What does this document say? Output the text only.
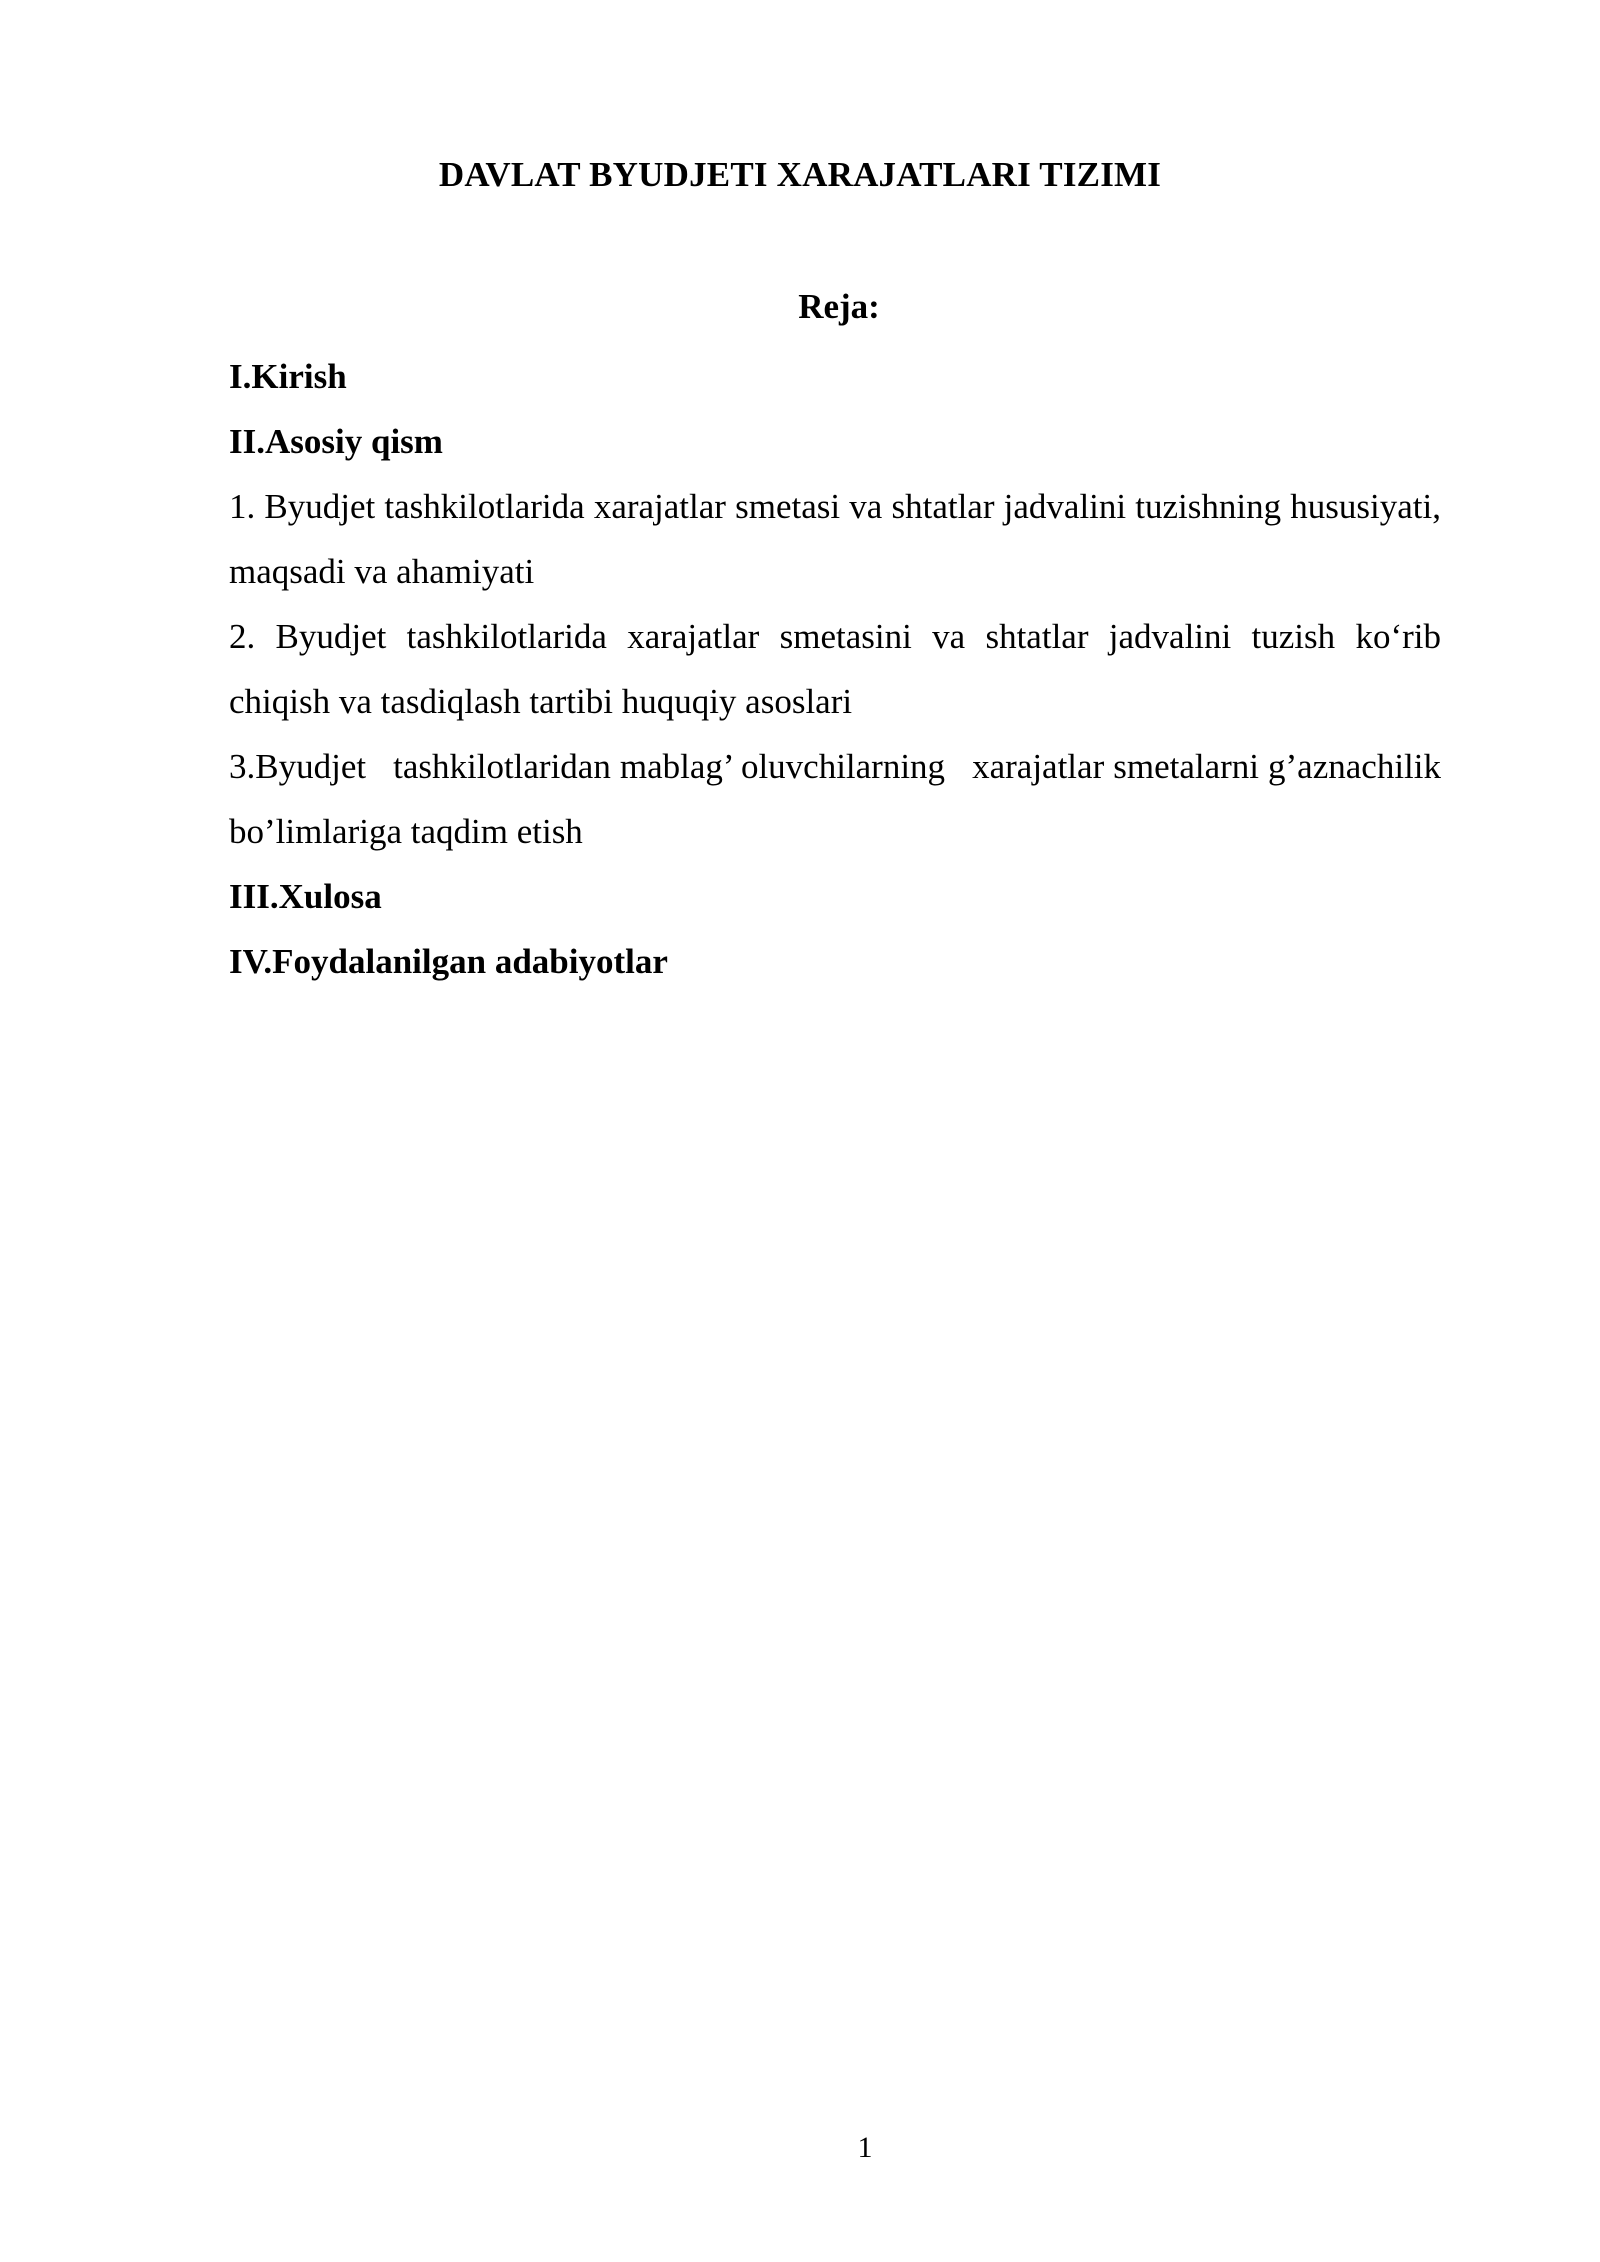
DAVLAT BYUDJETI XARAJATLARI TIZIMI
Reja:
I.Kirish
II.Asosiy qism
1. Byudjet tashkilotlarida xarajatlar smetasi va shtatlar jadvalini tuzishning hususiyati, maqsadi va ahamiyati
2. Byudjet tashkilotlarida xarajatlar smetasini va shtatlar jadvalini tuzish ko‘rib chiqish va tasdiqlash tartibi huquqiy asoslari
3.Byudjet   tashkilotlaridan mablag’ oluvchilarning   xarajatlar smetalarni g’aznachilik  bo’limlariga taqdim etish
III.Xulosa
IV.Foydalanilgan adabiyotlar
1
